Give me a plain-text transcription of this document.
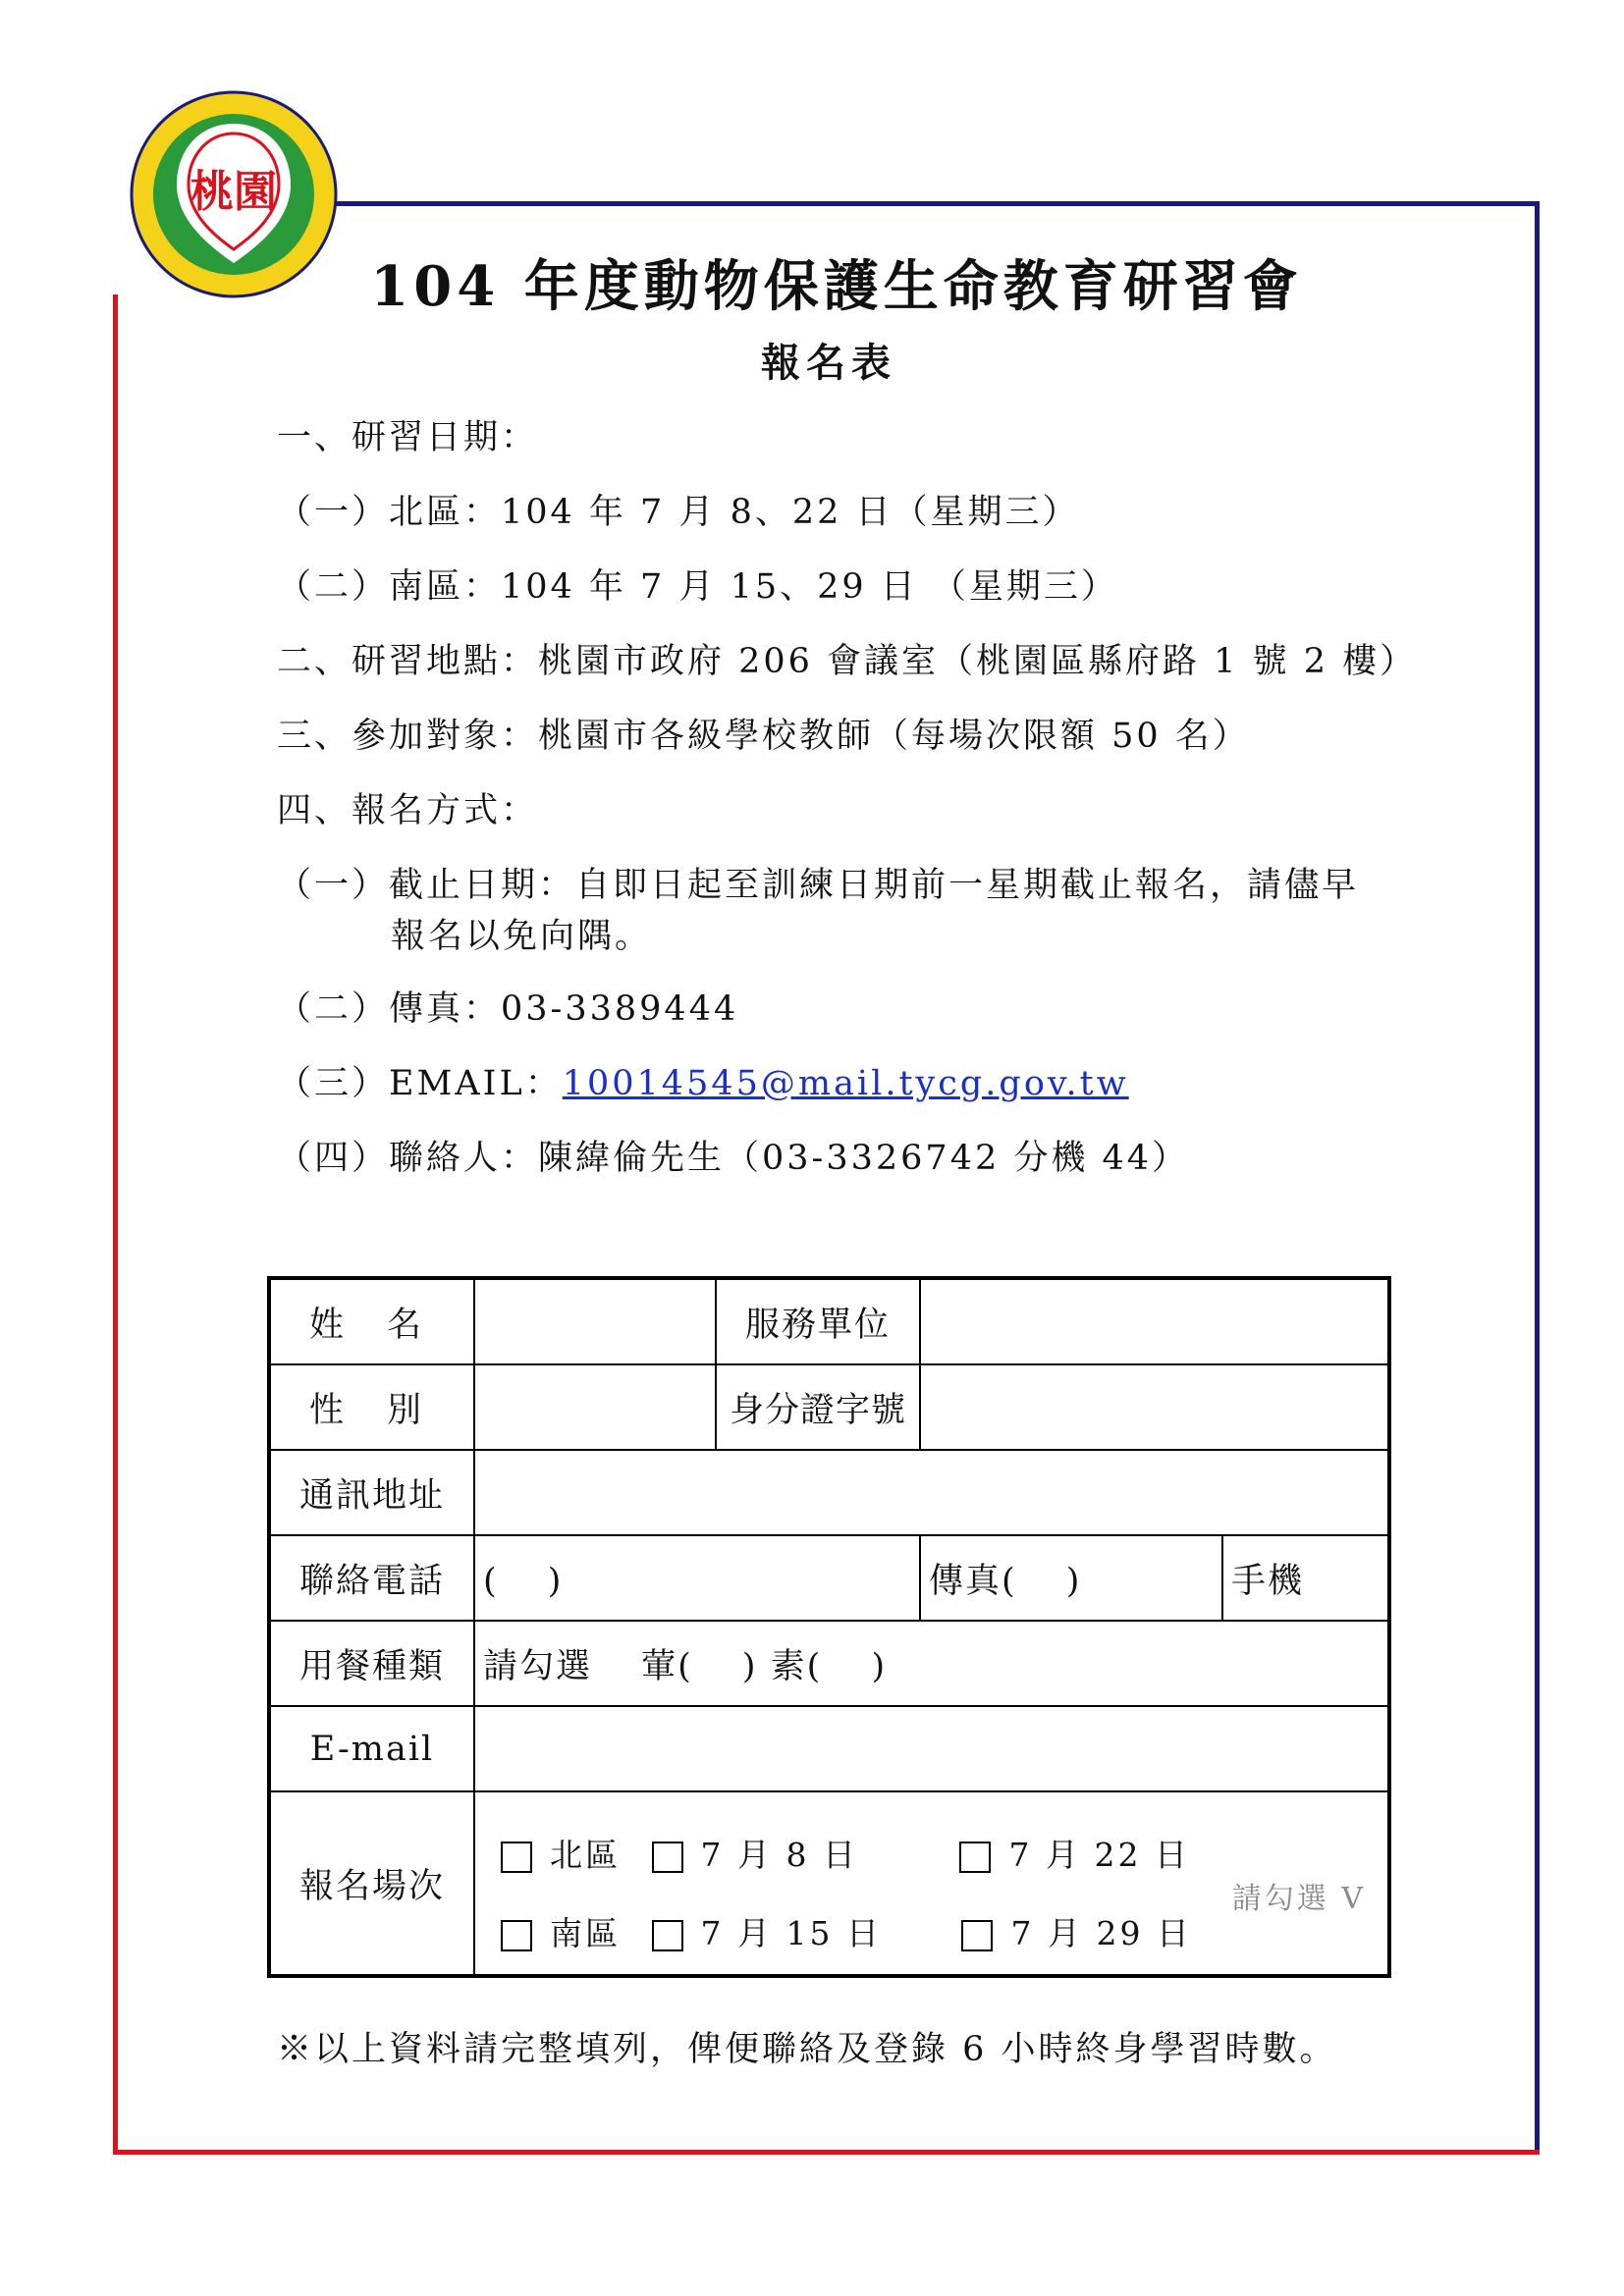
桃園
104 年度動物保護生命教育研習會
報名表
一、研習日期：
（一）北區：104 年 7 月 8、22 日（星期三）
（二）南區：104 年 7 月 15、29 日 （星期三）
二、研習地點：桃園市政府 206 會議室（桃園區縣府路 1 號 2 樓）
三、參加對象：桃園市各級學校教師（每場次限額 50 名）
四、報名方式：
（一）截止日期：自即日起至訓練日期前一星期截止報名，請儘早
報名以免向隅。
（二）傳真：03-3389444
（三）EMAIL：10014545@mail.tycg.gov.tw
（四）聯絡人：陳緯倫先生（03-3326742 分機 44）
姓名		服務單位		
性別		身分證字號		
通訊地址				
聯絡電話	(　 )		傳真(　 )	手機
用餐種類	請勾選　 葷(　 ) 素(　 )			
E-mail				
報名場次	北區 7 月 8 日 7 月 22 日
南區 7 月 15 日 7 月 29 日
請勾選 V			
※以上資料請完整填列，俾便聯絡及登錄 6 小時終身學習時數。
